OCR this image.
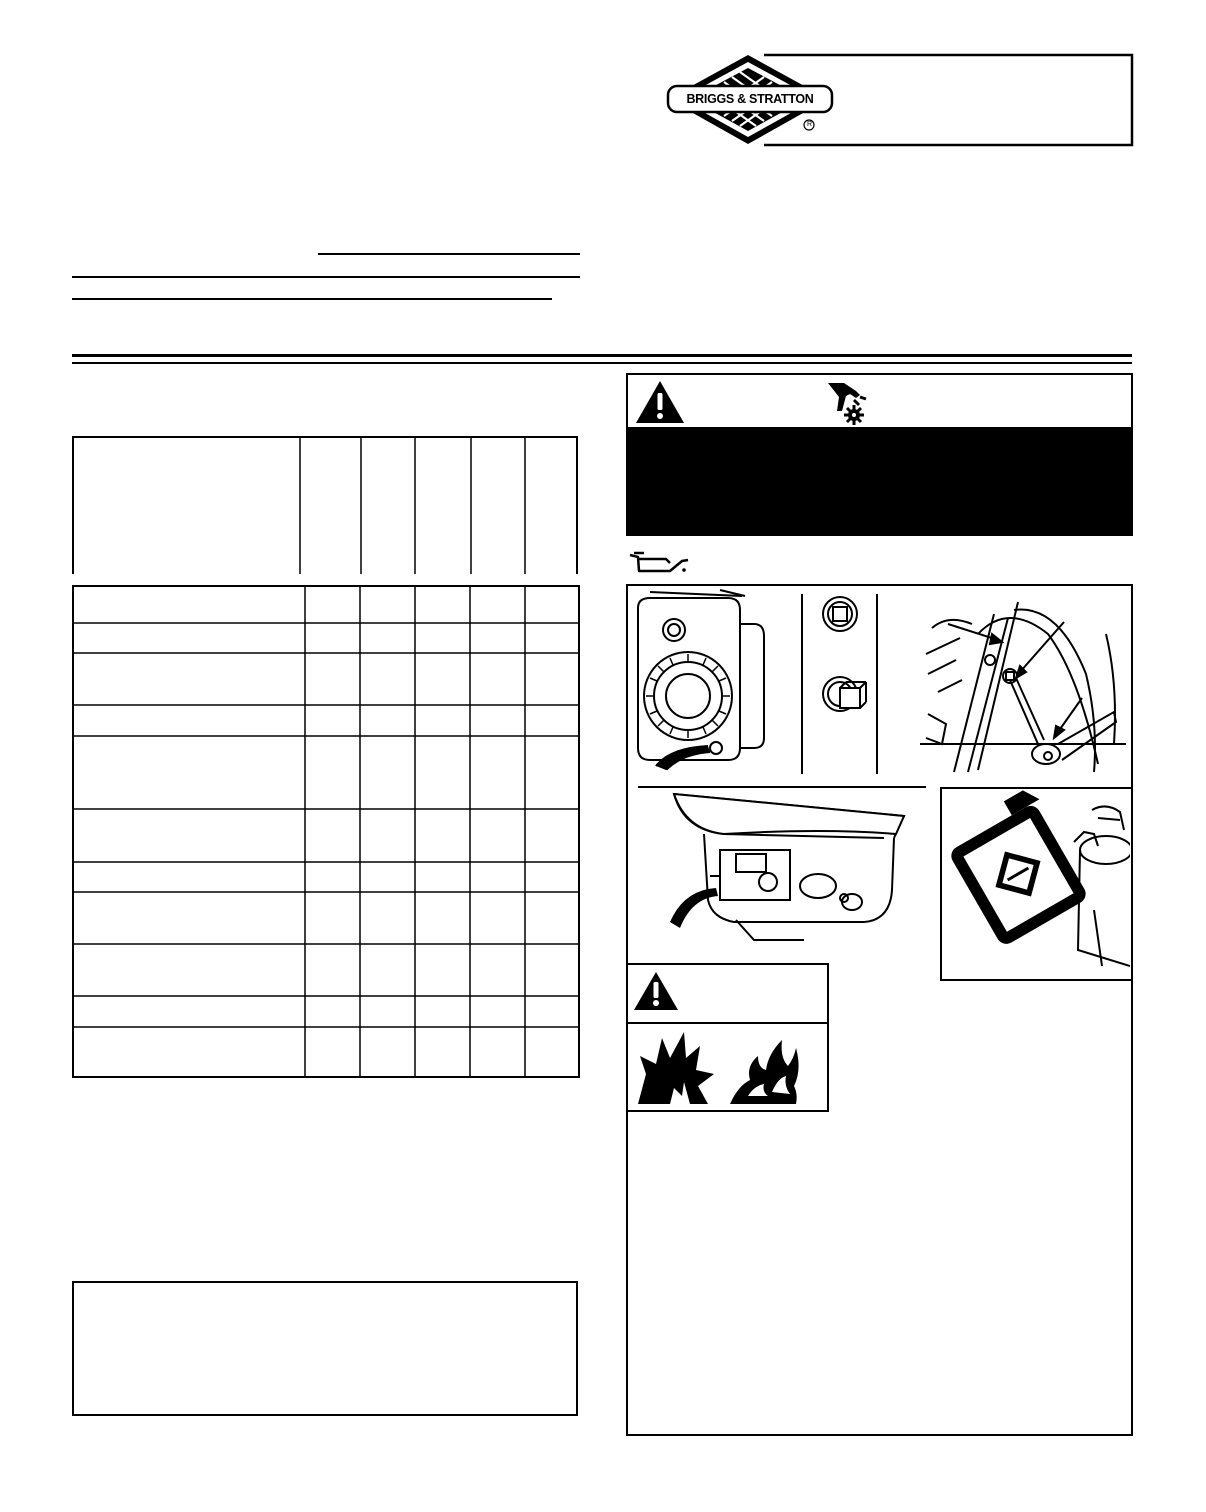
BRIGGS & STRATTON
R
